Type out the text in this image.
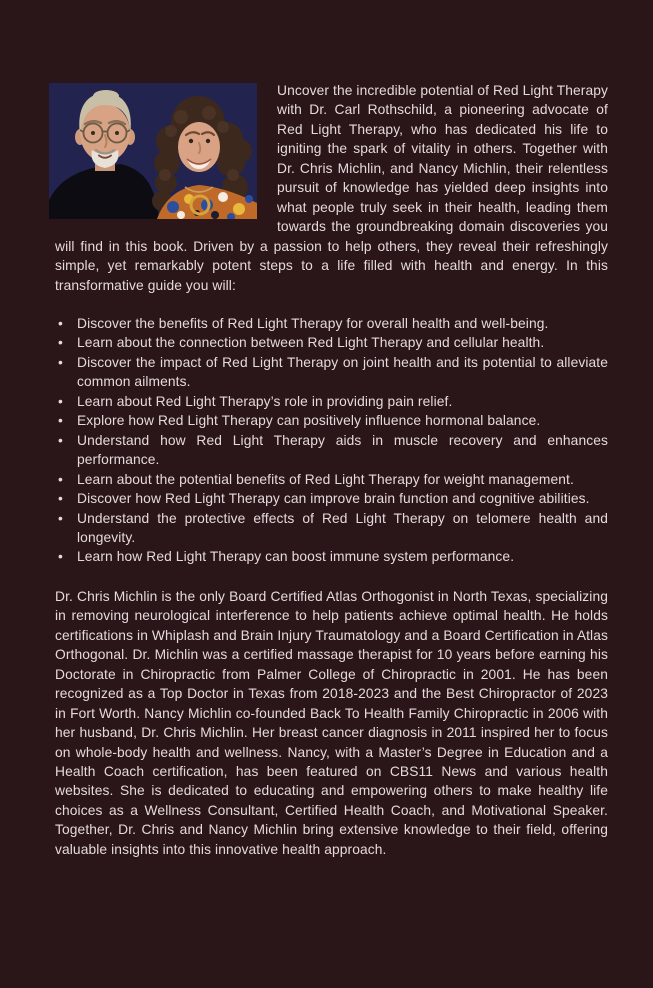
Uncover the incredible potential of Red Light Therapy with Dr. Carl Rothschild, a pioneering advocate of Red Light Therapy, who has dedicated his life to igniting the spark of vitality in others. Together with Dr. Chris Michlin, and Nancy Michlin, their relentless pursuit of knowledge has yielded deep insights into what people truly seek in their health, leading them towards the groundbreaking domain discoveries you will find in this book. Driven by a passion to help others, they reveal their refreshingly simple, yet remarkably potent steps to a life filled with health and energy. In this transformative guide you will:

• Discover the benefits of Red Light Therapy for overall health and well-being.
• Learn about the connection between Red Light Therapy and cellular health.
• Discover the impact of Red Light Therapy on joint health and its potential to alleviate common ailments.
• Learn about Red Light Therapy’s role in providing pain relief.
• Explore how Red Light Therapy can positively influence hormonal balance.
• Understand how Red Light Therapy aids in muscle recovery and enhances performance.
• Learn about the potential benefits of Red Light Therapy for weight management.
• Discover how Red Light Therapy can improve brain function and cognitive abilities.
• Understand the protective effects of Red Light Therapy on telomere health and longevity.
• Learn how Red Light Therapy can boost immune system performance.

Dr. Chris Michlin is the only Board Certified Atlas Orthogonist in North Texas, specializing in removing neurological interference to help patients achieve optimal health. He holds certifications in Whiplash and Brain Injury Traumatology and a Board Certification in Atlas Orthogonal. Dr. Michlin was a certified massage therapist for 10 years before earning his Doctorate in Chiropractic from Palmer College of Chiropractic in 2001. He has been recognized as a Top Doctor in Texas from 2018-2023 and the Best Chiropractor of 2023 in Fort Worth. Nancy Michlin co-founded Back To Health Family Chiropractic in 2006 with her husband, Dr. Chris Michlin. Her breast cancer diagnosis in 2011 inspired her to focus on whole-body health and wellness. Nancy, with a Master’s Degree in Education and a Health Coach certification, has been featured on CBS11 News and various health websites. She is dedicated to educating and empowering others to make healthy life choices as a Wellness Consultant, Certified Health Coach, and Motivational Speaker. Together, Dr. Chris and Nancy Michlin bring extensive knowledge to their field, offering valuable insights into this innovative health approach.
